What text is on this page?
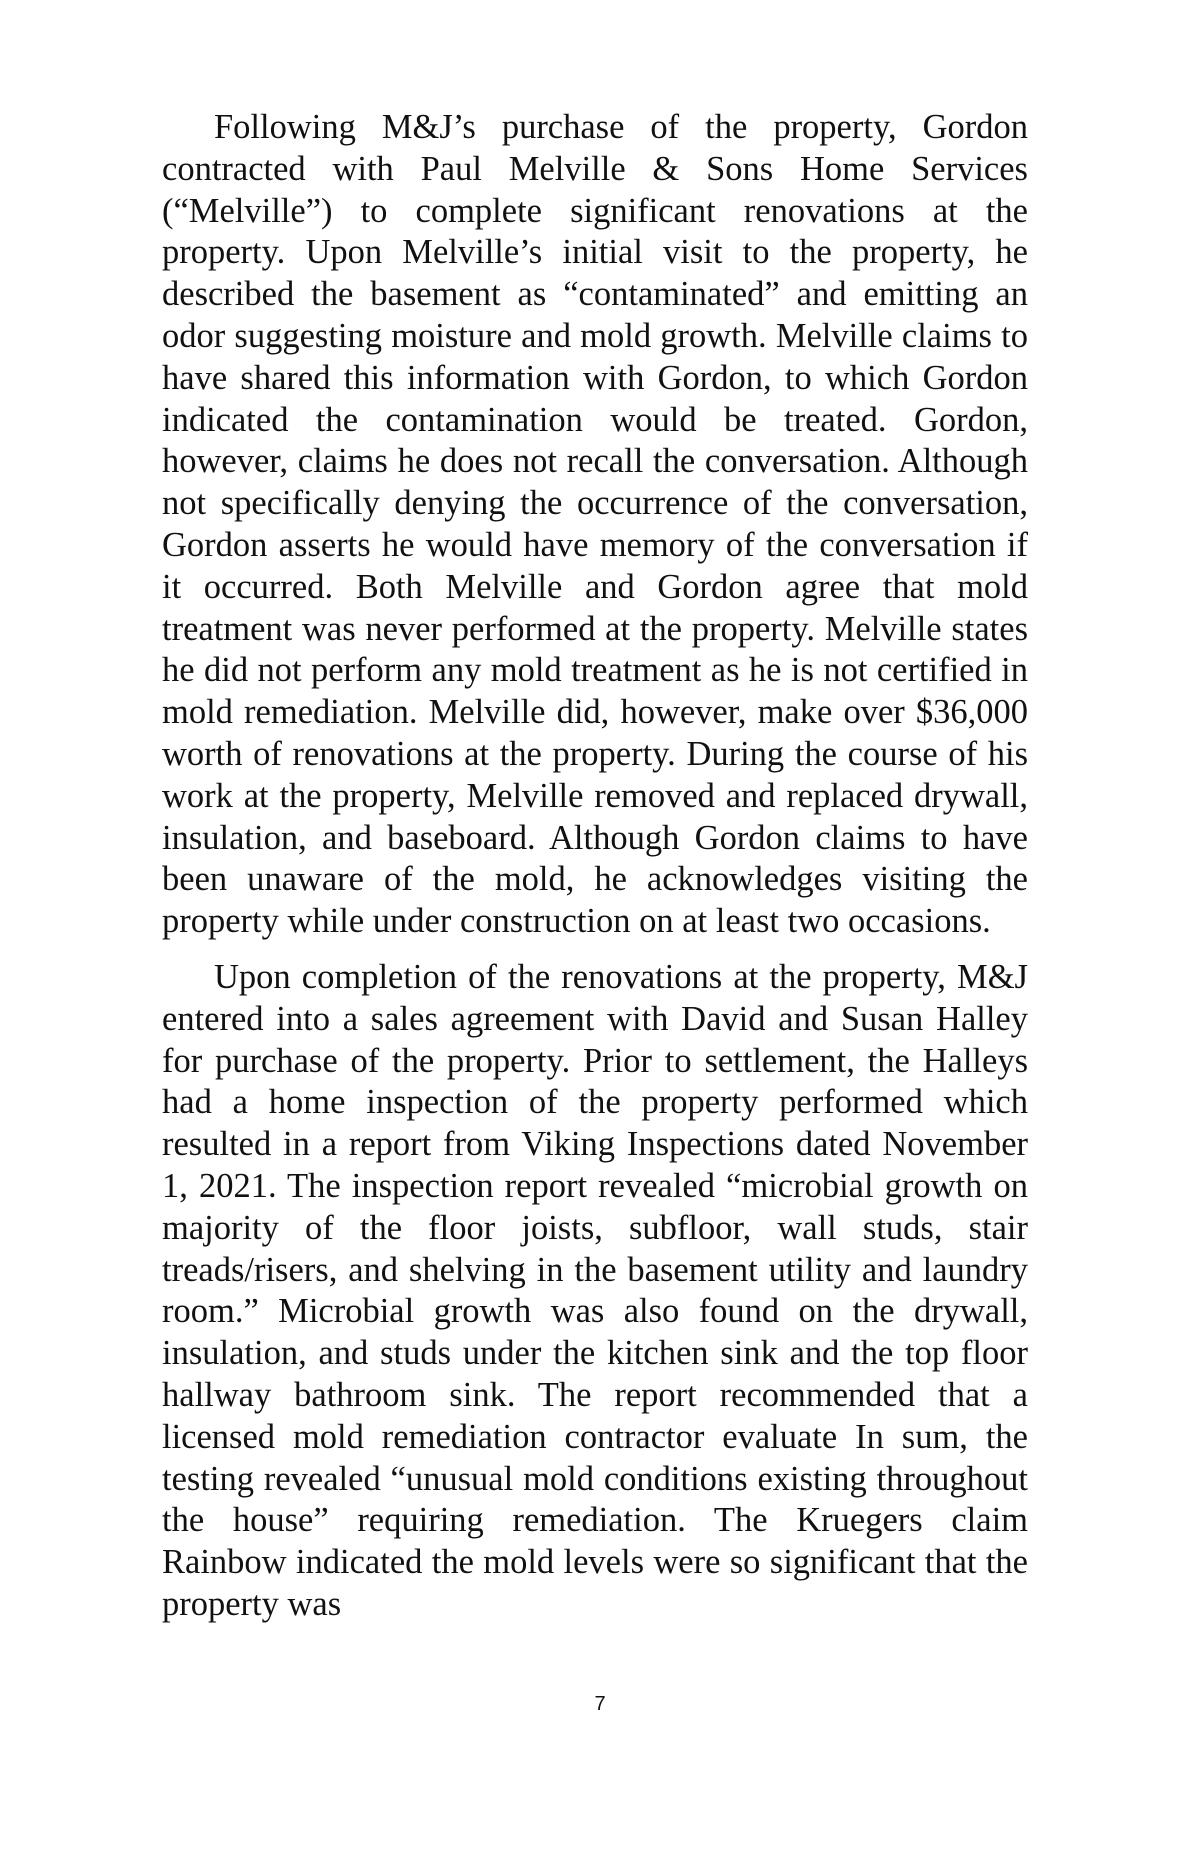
Following M&J’s purchase of the property, Gordon contracted with Paul Melville & Sons Home Services (“Melville”) to complete significant renovations at the property. Upon Melville’s initial visit to the property, he described the basement as “contaminated” and emitting an odor suggesting moisture and mold growth. Melville claims to have shared this information with Gordon, to which Gordon indicated the contamination would be treated. Gordon, however, claims he does not recall the conversation. Although not specifically denying the occurrence of the conversation, Gordon asserts he would have memory of the conversation if it occurred. Both Melville and Gordon agree that mold treatment was never performed at the property. Melville states he did not perform any mold treatment as he is not certified in mold remediation. Melville did, however, make over $36,000 worth of renovations at the property. During the course of his work at the property, Melville removed and replaced drywall, insulation, and baseboard. Although Gordon claims to have been unaware of the mold, he acknowledges visiting the property while under construction on at least two occasions.

Upon completion of the renovations at the property, M&J entered into a sales agreement with David and Susan Halley for purchase of the property. Prior to settlement, the Halleys had a home inspection of the property performed which resulted in a report from Viking Inspections dated November 1, 2021. The inspection report revealed “microbial growth on majority of the floor joists, subfloor, wall studs, stair treads/risers, and shelving in the basement utility and laundry room.” Microbial growth was also found on the drywall, insulation, and studs under the kitchen sink and the top floor hallway bathroom sink. The report recommended that a licensed mold remediation contractor evaluate In sum, the testing revealed “unusual mold conditions existing throughout the house” requiring remediation. The Kruegers claim Rainbow indicated the mold levels were so significant that the property was

7
